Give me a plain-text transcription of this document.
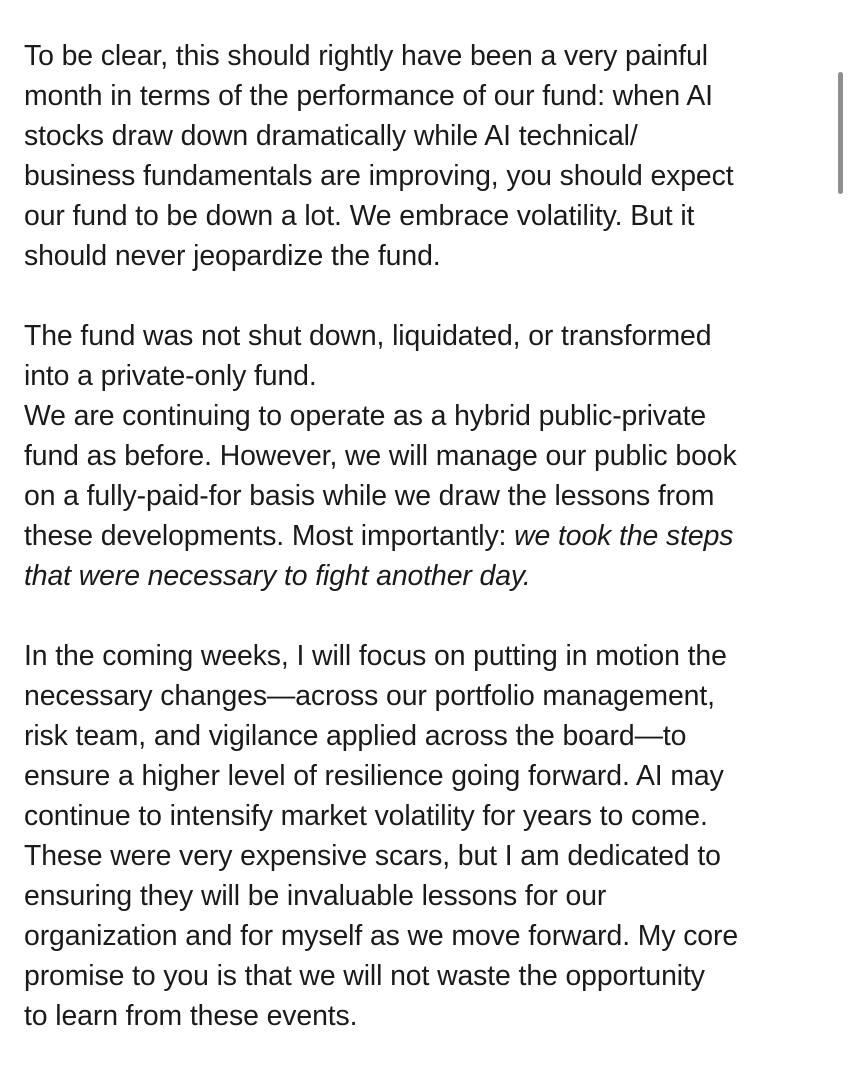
To be clear, this should rightly have been a very painful
month in terms of the performance of our fund: when AI
stocks draw down dramatically while AI technical/
business fundamentals are improving, you should expect
our fund to be down a lot. We embrace volatility. But it
should never jeopardize the fund.

The fund was not shut down, liquidated, or transformed
into a private-only fund.
We are continuing to operate as a hybrid public-private
fund as before. However, we will manage our public book
on a fully-paid-for basis while we draw the lessons from
these developments. Most importantly: we took the steps
that were necessary to fight another day.

In the coming weeks, I will focus on putting in motion the
necessary changes—across our portfolio management,
risk team, and vigilance applied across the board—to
ensure a higher level of resilience going forward. AI may
continue to intensify market volatility for years to come.
These were very expensive scars, but I am dedicated to
ensuring they will be invaluable lessons for our
organization and for myself as we move forward. My core
promise to you is that we will not waste the opportunity
to learn from these events.
